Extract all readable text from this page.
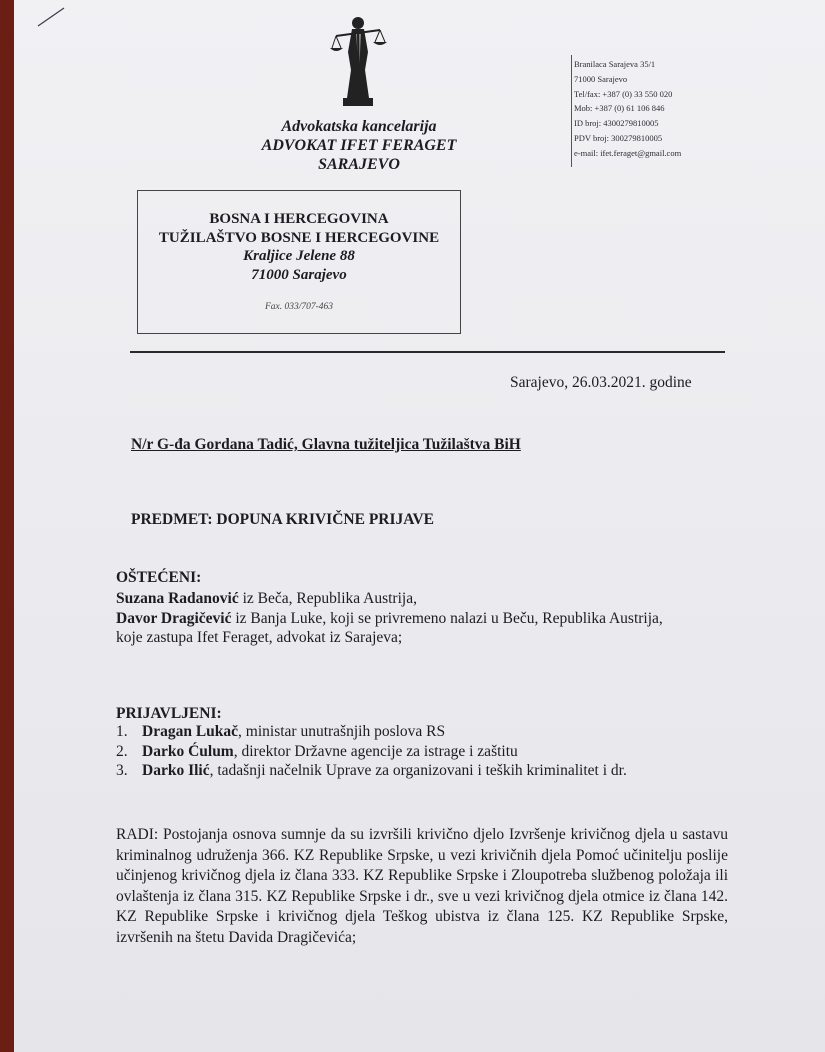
Advokatska kancelarija
ADVOKAT IFET FERAGET
SARAJEVO
Branilaca Sarajeva 35/1
71000 Sarajevo
Tel/fax: +387 (0) 33 550 020
Mob: +387 (0) 61 106 846
ID broj: 4300279810005
PDV broj: 300279810005
e-mail: ifet.feraget@gmail.com
BOSNA I HERCEGOVINA
TUŽILAŠTVO BOSNE I HERCEGOVINE
Kraljice Jelene 88
71000 Sarajevo
Fax. 033/707-463
Sarajevo, 26.03.2021. godine
N/r G-đa Gordana Tadić, Glavna tužiteljica Tužilaštva BiH
PREDMET: DOPUNA KRIVIČNE PRIJAVE
OŠTEĆENI:
Suzana Radanović iz Beča, Republika Austrija,
Davor Dragičević iz Banja Luke, koji se privremeno nalazi u Beču, Republika Austrija,
koje zastupa Ifet Feraget, advokat iz Sarajeva;
PRIJAVLJENI:
1. Dragan Lukač, ministar unutrašnjih poslova RS
2. Darko Ćulum, direktor Državne agencije za istrage i zaštitu
3. Darko Ilić, tadašnji načelnik Uprave za organizovani i teških kriminalitet i dr.
RADI: Postojanja osnova sumnje da su izvršili krivično djelo Izvršenje krivičnog djela u sastavu kriminalnog udruženja 366. KZ Republike Srpske, u vezi krivičnih djela Pomoć učinitelju poslije učinjenog krivičnog djela iz člana 333. KZ Republike Srpske i Zloupotreba službenog položaja ili ovlaštenja iz člana 315. KZ Republike Srpske i dr., sve u vezi krivičnog djela otmice iz člana 142. KZ Republike Srpske i krivičnog djela Teškog ubistva iz člana 125. KZ Republike Srpske, izvršenih na štetu Davida Dragičevića;
